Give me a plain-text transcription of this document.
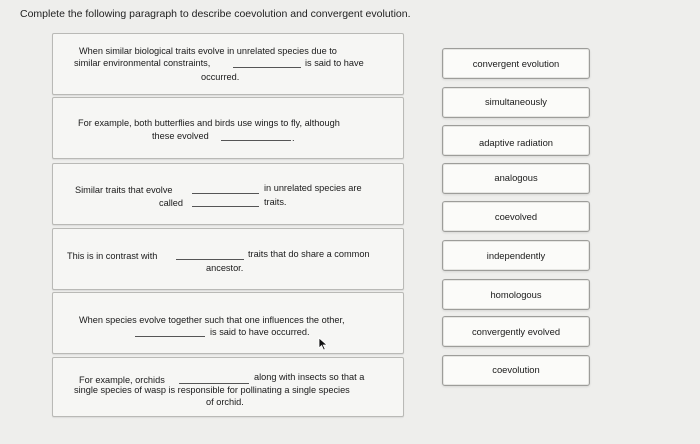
Complete the following paragraph to describe coevolution and convergent evolution.
When similar biological traits evolve in unrelated species due to
similar environmental constraints,	is said to have
occurred.
For example, both butterflies and birds use wings to fly, although
these evolved	.
Similar traits that evolve	in unrelated species are
called	traits.
This is in contrast with	traits that do share a common
ancestor.
When species evolve together such that one influences the other,
is said to have occurred.
For example, orchids	along with insects so that a
single species of wasp is responsible for pollinating a single species
of orchid.
convergent evolution
simultaneously
adaptive radiation
analogous
coevolved
independently
homologous
convergently evolved
coevolution
